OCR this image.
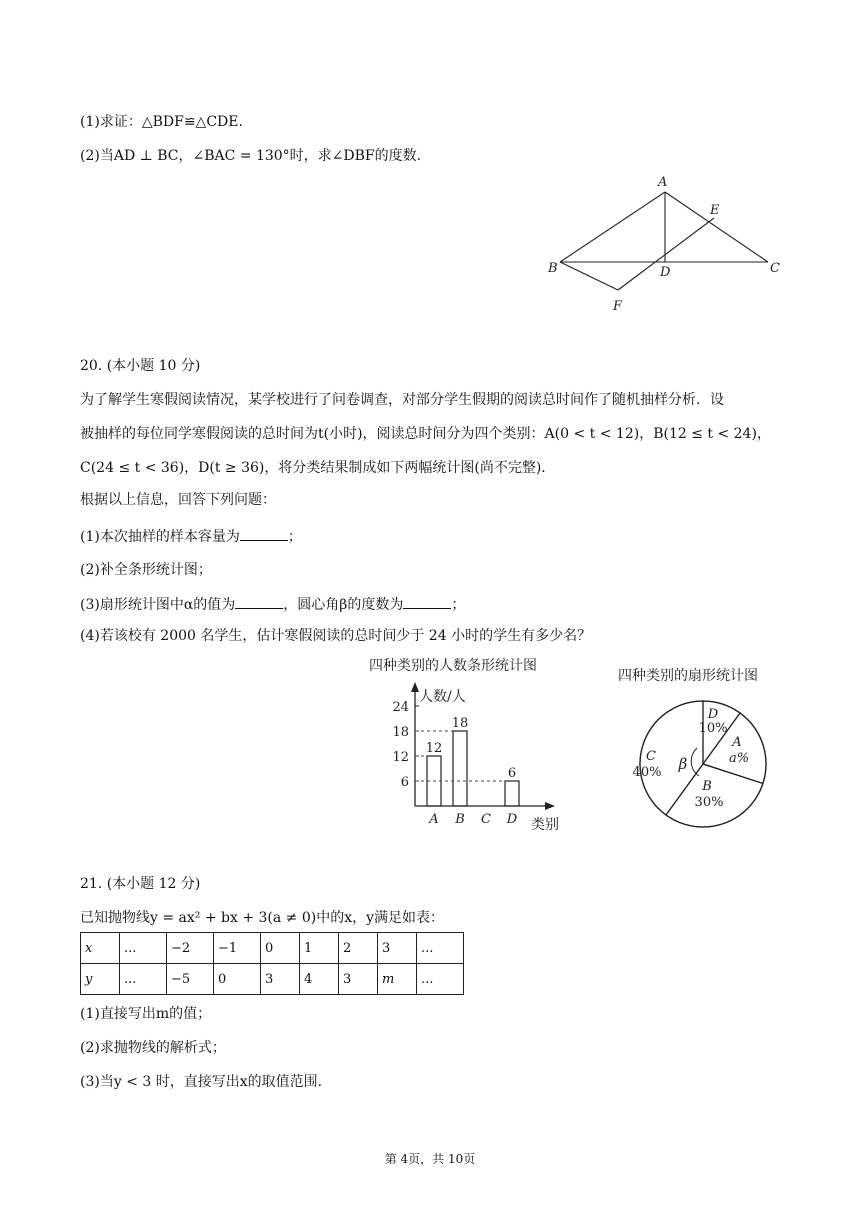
(1)求证：△BDF≌△CDE.
(2)当AD ⊥ BC，∠BAC = 130°时，求∠DBF的度数.
A
E
B	D	C
F
20. (本小题 10 分)
为了解学生寒假阅读情况，某学校进行了问卷调查，对部分学生假期的阅读总时间作了随机抽样分析．设
被抽样的每位同学寒假阅读的总时间为t(小时)，阅读总时间分为四个类别：A(0 < t < 12)，B(12 ≤ t < 24)，
C(24 ≤ t < 36)，D(t ≥ 36)，将分类结果制成如下两幅统计图(尚不完整)．
根据以上信息，回答下列问题：
(1)本次抽样的样本容量为	；
(2)补全条形统计图；
(3)扇形统计图中α的值为	，圆心角β的度数为	；
(4)若该校有 2000 名学生，估计寒假阅读的总时间少于 24 小时的学生有多少名？
四种类别的人数条形统计图
人数/人
类别
6
12
18
24
12
A
18
B C
6
D
四种类别的扇形统计图
D
10%
A
a%
B
30%
C
40% β
21. (本小题 12 分)
已知抛物线y = ax² + bx + 3(a ≠ 0)中的x，y满足如表：
x	...	−2	−1	0	1	2	3	...
y	...	−5	0	3	4	3	m	...
(1)直接写出m的值；
(2)求抛物线的解析式；
(3)当y < 3 时，直接写出x的取值范围.
第 4页，共 10页
